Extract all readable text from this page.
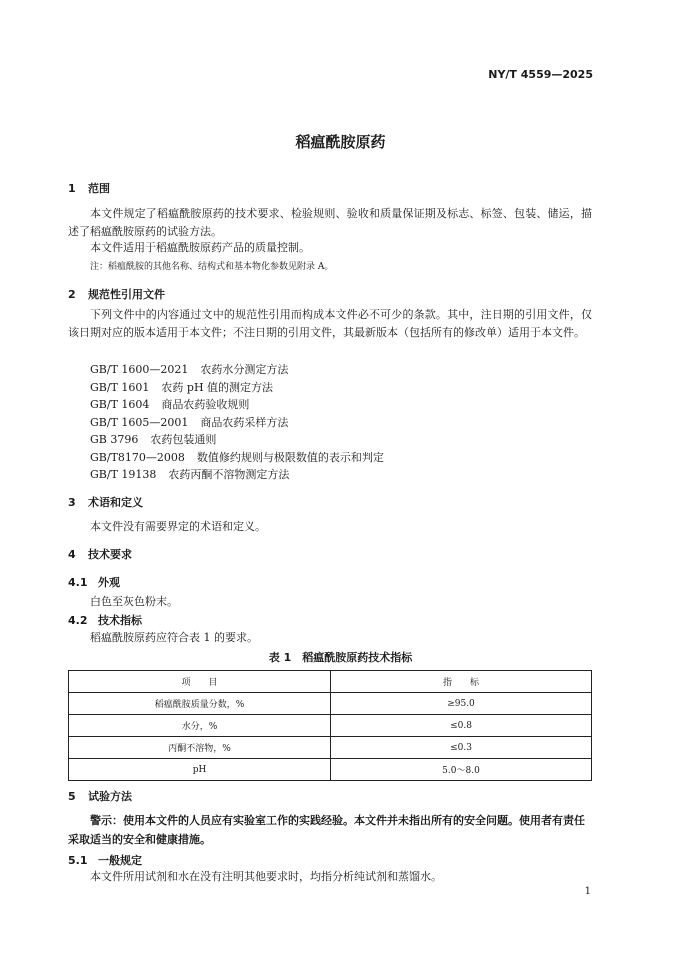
NY/T 4559—2025
稻瘟酰胺原药
1 范围
本文件规定了稻瘟酰胺原药的技术要求、检验规则、验收和质量保证期及标志、标签、包装、储运，描述了稻瘟酰胺原药的试验方法。
本文件适用于稻瘟酰胺原药产品的质量控制。
注：稻瘟酰胺的其他名称、结构式和基本物化参数见附录 A。
2 规范性引用文件
下列文件中的内容通过文中的规范性引用而构成本文件必不可少的条款。其中，注日期的引用文件，仅该日期对应的版本适用于本文件；不注日期的引用文件，其最新版本（包括所有的修改单）适用于本文件。
GB/T 1600—2021 农药水分测定方法
GB/T 1601 农药 pH 值的测定方法
GB/T 1604 商品农药验收规则
GB/T 1605—2001 商品农药采样方法
GB 3796 农药包装通则
GB/T8170—2008 数值修约规则与极限数值的表示和判定
GB/T 19138 农药丙酮不溶物测定方法
3 术语和定义
本文件没有需要界定的术语和定义。
4 技术要求
4.1 外观
白色至灰色粉末。
4.2 技术指标
稻瘟酰胺原药应符合表 1 的要求。
表 1　稻瘟酰胺原药技术指标
项　　目	指　　标
稻瘟酰胺质量分数，%	≥95.0
水分，%	≤0.8
丙酮不溶物，%	≤0.3
pH	5.0～8.0
5 试验方法
警示：使用本文件的人员应有实验室工作的实践经验。本文件并未指出所有的安全问题。使用者有责任采取适当的安全和健康措施。
5.1 一般规定
本文件所用试剂和水在没有注明其他要求时，均指分析纯试剂和蒸馏水。
1
